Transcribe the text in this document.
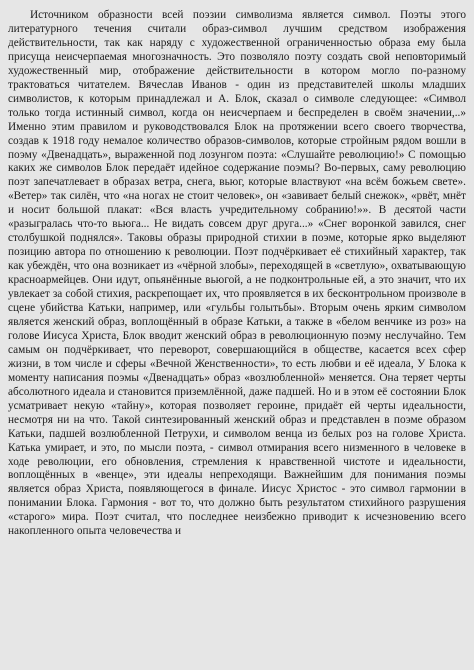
Источником образности всей поэзии символизма является символ. Поэты этого литературного течения считали образ-символ лучшим средством изображения действительности, так как наряду с художественной ограниченностью образа ему была присуща неисчерпаемая многозначность. Это позволяло поэту создать свой неповторимый художественный мир, отображение действительности в котором могло по-разному трактоваться читателем. Вячеслав Иванов - один из представителей школы младших символистов, к которым принадлежал и А. Блок, сказал о символе следующее: «Символ только тогда истинный символ, когда он неисчерпаем и беспределен в своём значении,..» Именно этим правилом и руководствовался Блок на протяжении всего своего творчества, создав к 1918 году немалое количество образов-символов, которые стройным рядом вошли в поэму «Двенадцать», выраженной под лозунгом поэта: «Слушайте революцию!» С помощью каких же символов Блок передаёт идейное содержание поэмы? Во-первых, саму революцию поэт запечатлевает в образах ветра, снега, вьюг, которые властвуют «на всём божьем свете». «Ветер» так силён, что «на ногах не стоит человек», он «завивает белый снежок», «рвёт, мнёт и носит большой плакат: «Вся власть учредительному собранию!»». В десятой части «разыгралась что-то вьюга... Не видать совсем друг друга...» «Снег воронкой завился, снег столбушкой поднялся». Таковы образы природной стихии в поэме, которые ярко выделяют позицию автора по отношению к революции. Поэт подчёркивает её стихийный характер, так как убеждён, что она возникает из «чёрной злобы», переходящей в «светлую», охватывающую красноармейцев. Они идут, опьянённые вьюгой, а не подконтрольные ей, а это значит, что их увлекает за собой стихия, раскрепощает их, что проявляется в их бесконтрольном произволе в сцене убийства Катьки, например, или «гульбы голытьбы». Вторым очень ярким символом является женский образ, воплощённый в образе Катьки, а также в «белом венчике из роз» на голове Иисуса Христа, Блок вводит женский образ в революционную поэму неслучайно. Тем самым он подчёркивает, что переворот, совершающийся в обществе, касается всех сфер жизни, в том числе и сферы «Вечной Женственности», то есть любви и её идеала, У Блока к моменту написания поэмы «Двенадцать» образ «возлюбленной» меняется. Она теряет черты абсолютного идеала и становится приземлённой, даже падшей. Но и в этом её состоянии Блок усматривает некую «тайну», которая позволяет героине, придаёт ей черты идеальности, несмотря ни на что. Такой синтезированный женский образ и представлен в поэме образом Катьки, падшей возлюбленной Петрухи, и символом венца из белых роз на голове Христа. Катька умирает, и это, по мысли поэта, - символ отмирания всего низменного в человеке в ходе революции, его обновления, стремления к нравственной чистоте и идеальности, воплощённых в «венце», эти идеалы непреходящи. Важнейшим для понимания поэмы является образ Христа, появляющегося в финале. Иисус Христос - это символ гармонии в понимании Блока. Гармония - вот то, что должно быть результатом стихийного разрушения «старого» мира. Поэт считал, что последнее неизбежно приводит к исчезновению всего накопленного опыта человечества и
